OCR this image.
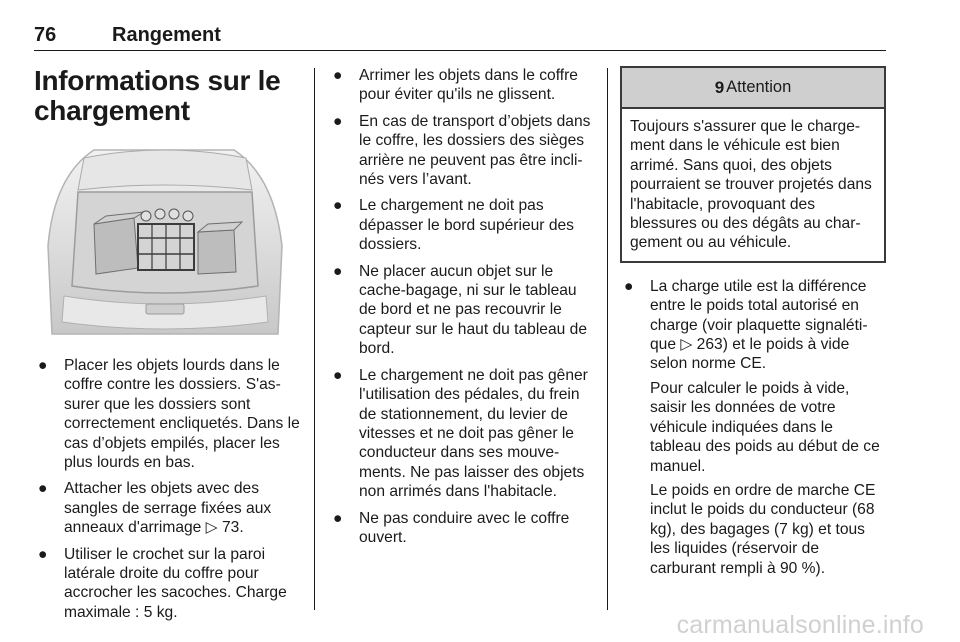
76	Rangement
Informations sur le
chargement
● Placer les objets lourds dans le coffre contre les dossiers. S'as-surer que les dossiers sont correctement encliquetés. Dans le cas d’objets empilés, placer les plus lourds en bas.
● Attacher les objets avec des sangles de serrage fixées aux anneaux d'arrimage ▷ 73.
● Utiliser le crochet sur la paroi latérale droite du coffre pour accrocher les sacoches. Charge maximale : 5 kg.
● Arrimer les objets dans le coffre pour éviter qu'ils ne glissent.
● En cas de transport d’objets dans le coffre, les dossiers des sièges arrière ne peuvent pas être incli-nés vers l’avant.
● Le chargement ne doit pas dépasser le bord supérieur des dossiers.
● Ne placer aucun objet sur le cache-bagage, ni sur le tableau de bord et ne pas recouvrir le capteur sur le haut du tableau de bord.
● Le chargement ne doit pas gêner l'utilisation des pédales, du frein de stationnement, du levier de vitesses et ne doit pas gêner le conducteur dans ses mouve-ments. Ne pas laisser des objets non arrimés dans l'habitacle.
● Ne pas conduire avec le coffre ouvert.
9 Attention
Toujours s'assurer que le charge-ment dans le véhicule est bien arrimé. Sans quoi, des objets pourraient se trouver projetés dans l'habitacle, provoquant des blessures ou des dégâts au char-gement ou au véhicule.
● La charge utile est la différence entre le poids total autorisé en charge (voir plaquette signaléti-que ▷ 263) et le poids à vide selon norme CE.

Pour calculer le poids à vide, saisir les données de votre véhicule indiquées dans le tableau des poids au début de ce manuel.

Le poids en ordre de marche CE inclut le poids du conducteur (68 kg), des bagages (7 kg) et tous les liquides (réservoir de carburant rempli à 90 %).

carmanualsonline.info
